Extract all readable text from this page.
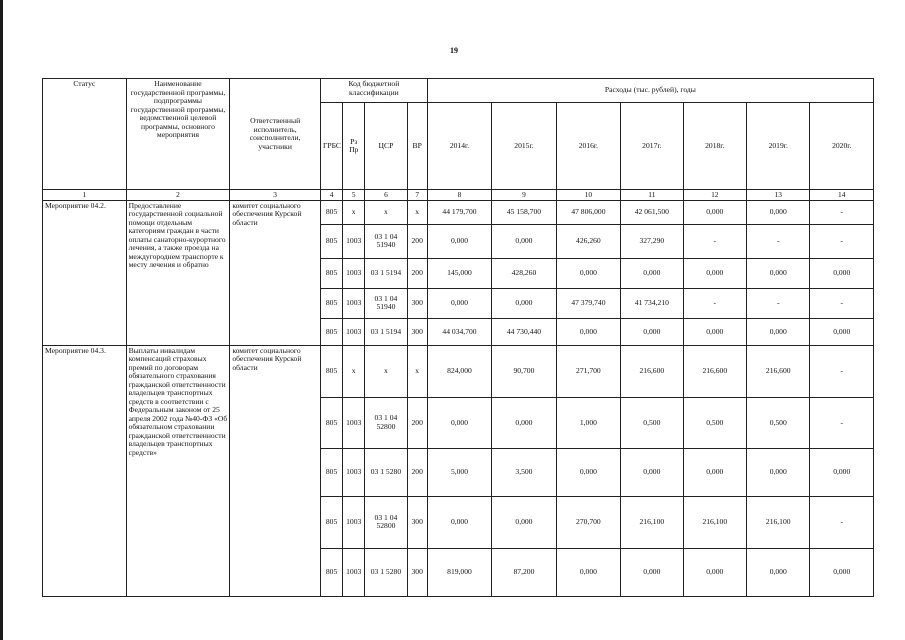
19
Статус	Наименование государственной программы, подпрограммы государственной программы, ведомственной целевой программы, основного мероприятия	Ответственный исполнитель, соисполнители, участники	Код бюджетной классификации				Расходы (тыс. рублей), годы						
			ГРБС	Рз Пр	ЦСР	ВР	2014г.	2015г.	2016г.	2017г.	2018г.	2019г.	2020г.
1	2	3	4	5	6	7	8	9	10	11	12	13	14
Мероприятие 04.2.	Предоставление государственной социальной помощи отдельным категориям граждан в части оплаты санаторно-курортного лечения, а также проезда на междугороднем транспорте к месту лечения и обратно	комитет социального обеспечения Курской области	805	х	х	х	44 179,700	45 158,700	47 806,000	42 061,500	0,000	0,000	-
			805	1003	03 1 04 51940	200	0,000	0,000	426,260	327,290	-	-	-
			805	1003	03 1 5194	200	145,000	428,260	0,000	0,000	0,000	0,000	0,000
			805	1003	03 1 04 51940	300	0,000	0,000	47 379,740	41 734,210	-	-	-
			805	1003	03 1 5194	300	44 034,700	44 730,440	0,000	0,000	0,000	0,000	0,000
Мероприятие 04.3.	Выплаты инвалидам компенсаций страховых премий по договорам обязательного страхования гражданской ответственности владельцев транспортных средств в соответствии с Федеральным законом от 25 апреля 2002 года №40-ФЗ «Об обязательном страховании гражданской ответственности владельцев транспортных средств»	комитет социального обеспечения Курской области	805	х	х	х	824,000	90,700	271,700	216,600	216,600	216,600	-
			805	1003	03 1 04 52800	200	0,000	0,000	1,000	0,500	0,500	0,500	-
			805	1003	03 1 5280	200	5,000	3,500	0,000	0,000	0,000	0,000	0,000
			805	1003	03 1 04 52800	300	0,000	0,000	270,700	216,100	216,100	216,100	-
			805	1003	03 1 5280	300	819,000	87,200	0,000	0,000	0,000	0,000	0,000
